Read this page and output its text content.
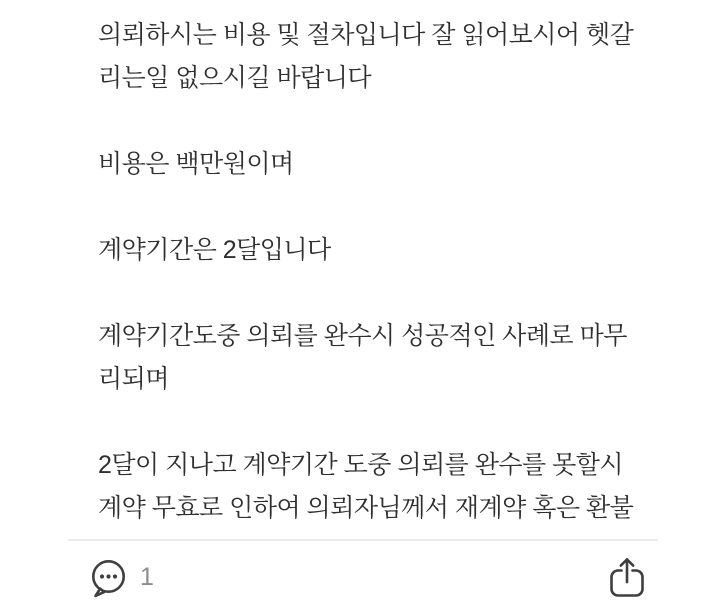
의뢰하시는 비용 및 절차입니다 잘 읽어보시어 헷갈
리는일 없으시길 바랍니다

비용은 백만원이며

계약기간은 2달입니다

계약기간도중 의뢰를 완수시 성공적인 사례로 마무
리되며

2달이 지나고 계약기간 도중 의뢰를 완수를 못할시
계약 무효로 인하여 의뢰자님께서 재계약 혹은 환불

1
